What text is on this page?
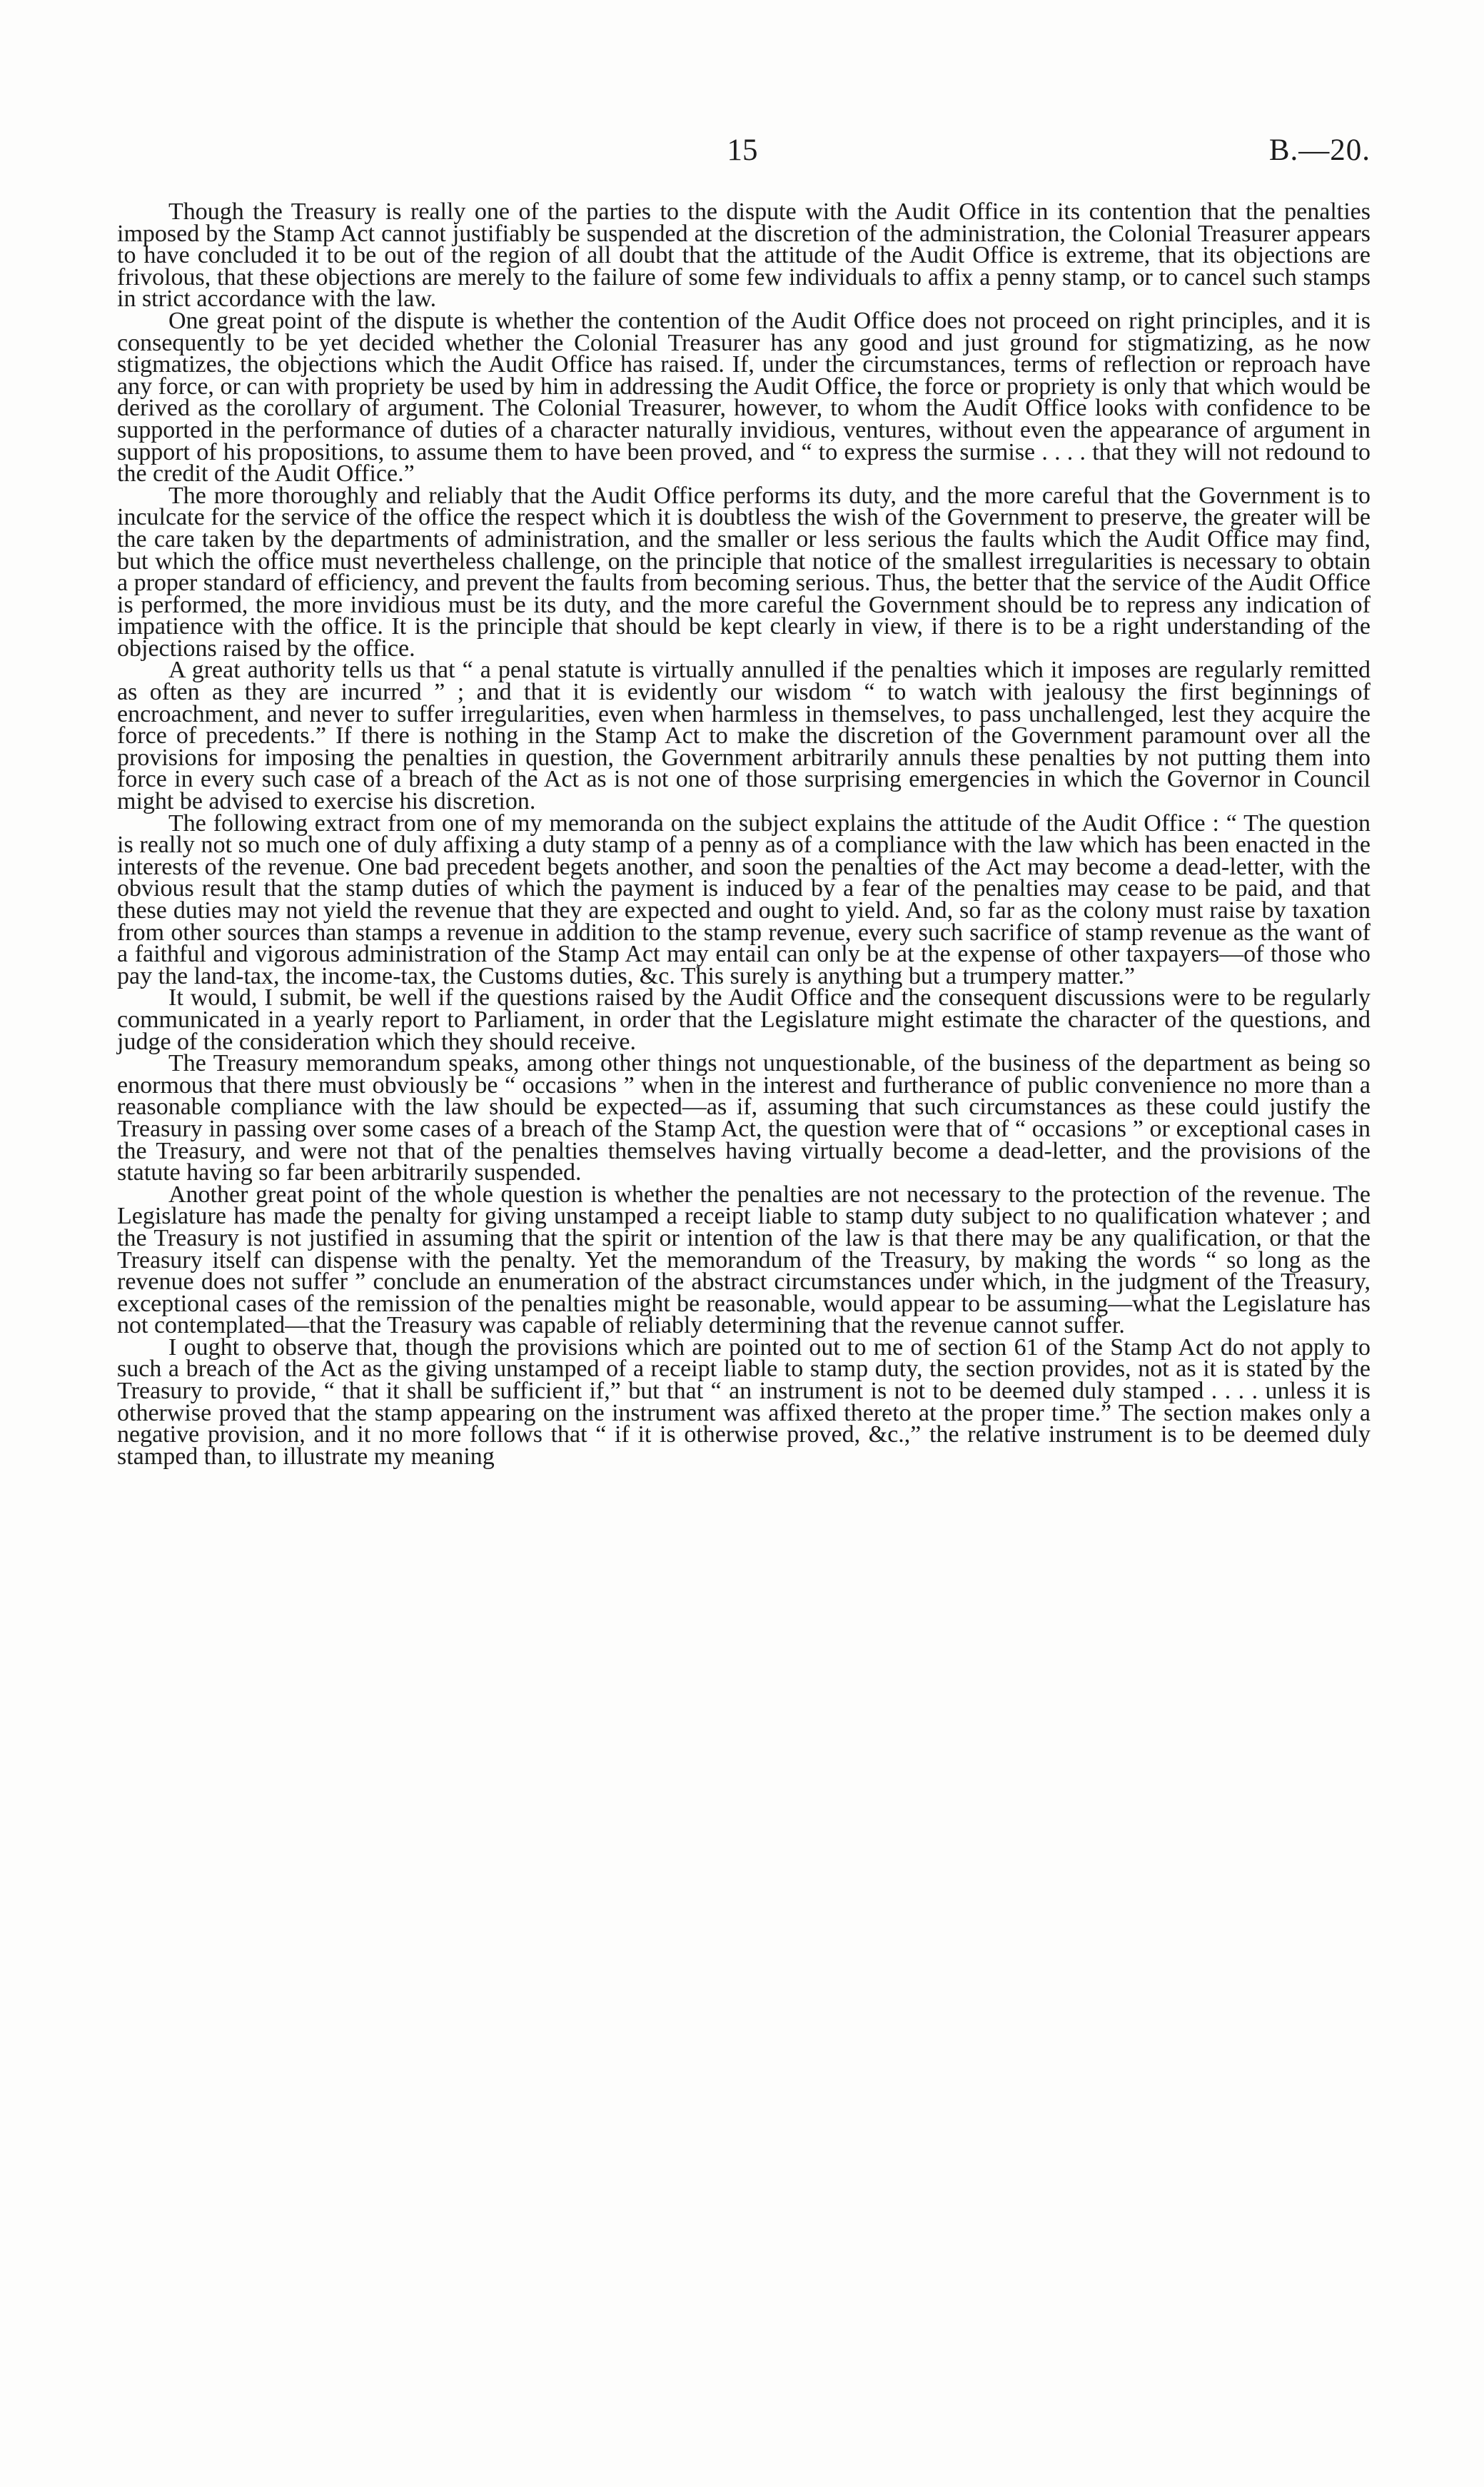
15	B.—20.

Though the Treasury is really one of the parties to the dispute with the Audit Office in its contention that the penalties imposed by the Stamp Act cannot justifiably be suspended at the discretion of the administration, the Colonial Treasurer appears to have concluded it to be out of the region of all doubt that the attitude of the Audit Office is extreme, that its objections are frivolous, that these objections are merely to the failure of some few individuals to affix a penny stamp, or to cancel such stamps in strict accordance with the law.

One great point of the dispute is whether the contention of the Audit Office does not proceed on right principles, and it is consequently to be yet decided whether the Colonial Treasurer has any good and just ground for stigmatizing, as he now stigmatizes, the objections which the Audit Office has raised. If, under the circumstances, terms of reflection or reproach have any force, or can with propriety be used by him in addressing the Audit Office, the force or propriety is only that which would be derived as the corollary of argument. The Colonial Treasurer, however, to whom the Audit Office looks with confidence to be supported in the performance of duties of a character naturally invidious, ventures, without even the appearance of argument in support of his propositions, to assume them to have been proved, and “ to express the surmise . . . . that they will not redound to the credit of the Audit Office.”

The more thoroughly and reliably that the Audit Office performs its duty, and the more careful that the Government is to inculcate for the service of the office the respect which it is doubtless the wish of the Government to preserve, the greater will be the care taken by the departments of administration, and the smaller or less serious the faults which the Audit Office may find, but which the office must nevertheless challenge, on the principle that notice of the smallest irregularities is necessary to obtain a proper standard of efficiency, and prevent the faults from becoming serious. Thus, the better that the service of the Audit Office is performed, the more invidious must be its duty, and the more careful the Government should be to repress any indication of impatience with the office. It is the principle that should be kept clearly in view, if there is to be a right understanding of the objections raised by the office.

A great authority tells us that “ a penal statute is virtually annulled if the penalties which it imposes are regularly remitted as often as they are incurred ” ; and that it is evidently our wisdom “ to watch with jealousy the first beginnings of encroachment, and never to suffer irregularities, even when harmless in themselves, to pass unchallenged, lest they acquire the force of precedents.” If there is nothing in the Stamp Act to make the discretion of the Government paramount over all the provisions for imposing the penalties in question, the Government arbitrarily annuls these penalties by not putting them into force in every such case of a breach of the Act as is not one of those surprising emergencies in which the Governor in Council might be advised to exercise his discretion.

The following extract from one of my memoranda on the subject explains the attitude of the Audit Office : “ The question is really not so much one of duly affixing a duty stamp of a penny as of a compliance with the law which has been enacted in the interests of the revenue. One bad precedent begets another, and soon the penalties of the Act may become a dead-letter, with the obvious result that the stamp duties of which the payment is induced by a fear of the penalties may cease to be paid, and that these duties may not yield the revenue that they are expected and ought to yield. And, so far as the colony must raise by taxation from other sources than stamps a revenue in addition to the stamp revenue, every such sacrifice of stamp revenue as the want of a faithful and vigorous administration of the Stamp Act may entail can only be at the expense of other taxpayers—of those who pay the land-tax, the income-tax, the Customs duties, &c. This surely is anything but a trumpery matter.”

It would, I submit, be well if the questions raised by the Audit Office and the consequent discussions were to be regularly communicated in a yearly report to Parliament, in order that the Legislature might estimate the character of the questions, and judge of the consideration which they should receive.

The Treasury memorandum speaks, among other things not unquestionable, of the business of the department as being so enormous that there must obviously be “ occasions ” when in the interest and furtherance of public convenience no more than a reasonable compliance with the law should be expected—as if, assuming that such circumstances as these could justify the Treasury in passing over some cases of a breach of the Stamp Act, the question were that of “ occasions ” or exceptional cases in the Treasury, and were not that of the penalties themselves having virtually become a dead-letter, and the provisions of the statute having so far been arbitrarily suspended.

Another great point of the whole question is whether the penalties are not necessary to the protection of the revenue. The Legislature has made the penalty for giving unstamped a receipt liable to stamp duty subject to no qualification whatever ; and the Treasury is not justified in assuming that the spirit or intention of the law is that there may be any qualification, or that the Treasury itself can dispense with the penalty. Yet the memorandum of the Treasury, by making the words “ so long as the revenue does not suffer ” conclude an enumeration of the abstract circumstances under which, in the judgment of the Treasury, exceptional cases of the remission of the penalties might be reasonable, would appear to be assuming—what the Legislature has not contemplated—that the Treasury was capable of reliably determining that the revenue cannot suffer.

I ought to observe that, though the provisions which are pointed out to me of section 61 of the Stamp Act do not apply to such a breach of the Act as the giving unstamped of a receipt liable to stamp duty, the section provides, not as it is stated by the Treasury to provide, “ that it shall be sufficient if,” but that “ an instrument is not to be deemed duly stamped . . . . unless it is otherwise proved that the stamp appearing on the instrument was affixed thereto at the proper time.” The section makes only a negative provision, and it no more follows that “ if it is otherwise proved, &c.,” the relative instrument is to be deemed duly stamped than, to illustrate my meaning
